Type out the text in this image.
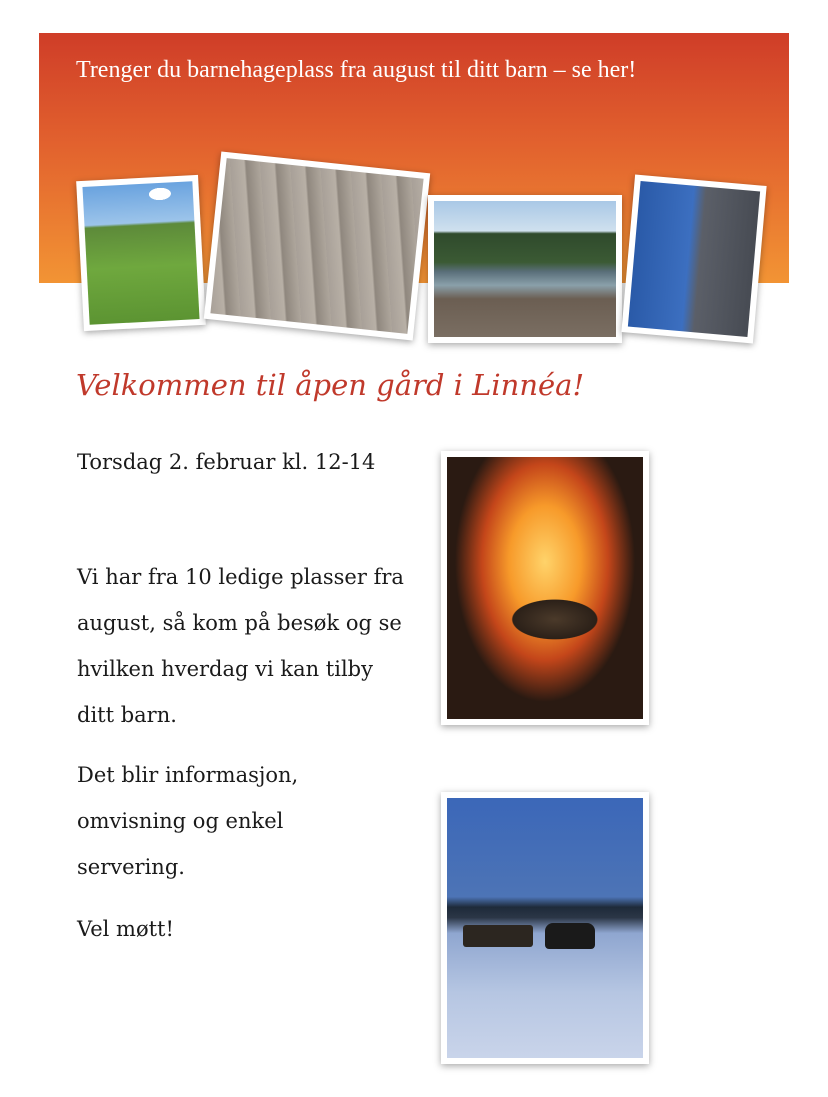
Trenger du barnehageplass fra august til ditt barn – se her!
Velkommen til åpen gård i Linnéa!

Torsdag 2. februar kl. 12-14

Vi har fra 10 ledige plasser fra august, så kom på besøk og se hvilken hverdag vi kan tilby ditt barn.

Det blir informasjon, omvisning og enkel servering.

Vel møtt!
